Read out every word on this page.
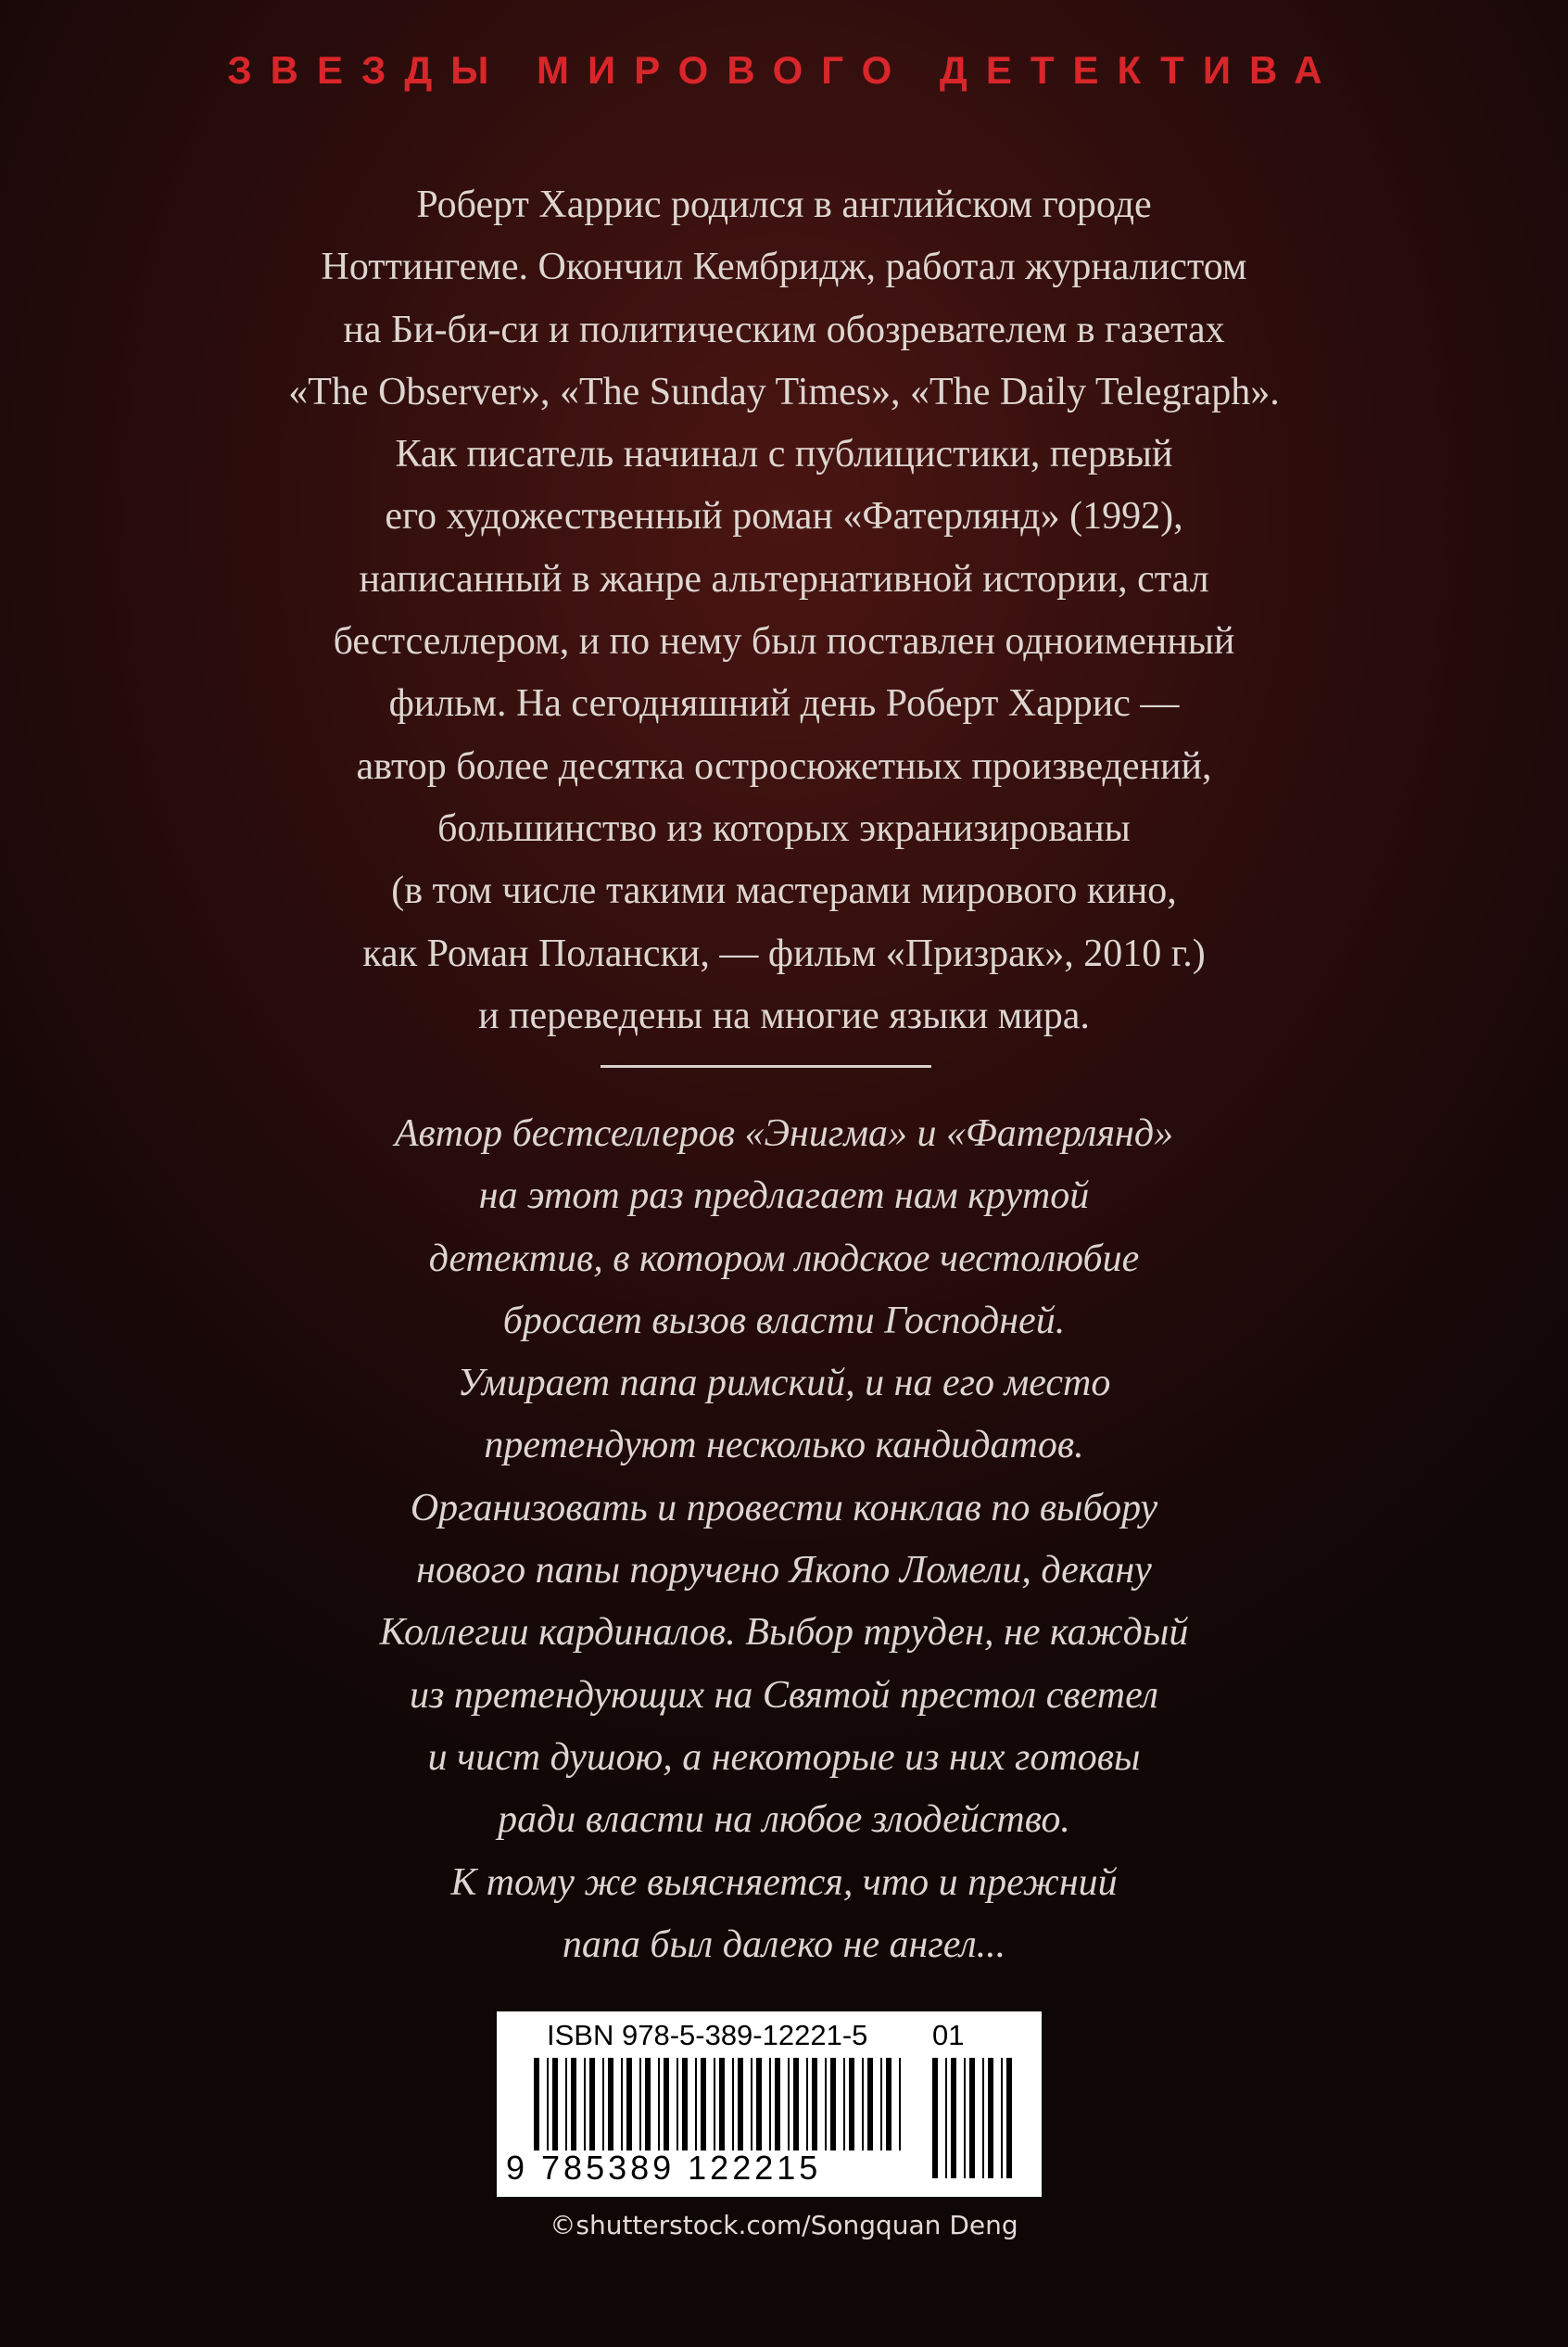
ЗВЕЗДЫ МИРОВОГО ДЕТЕКТИВА
Роберт Харрис родился в английском городе
Ноттингеме. Окончил Кембридж, работал журналистом
на Би-би-си и политическим обозревателем в газетах
«The Observer», «The Sunday Times», «The Daily Telegraph».
Как писатель начинал с публицистики, первый
его художественный роман «Фатерлянд» (1992),
написанный в жанре альтернативной истории, стал
бестселлером, и по нему был поставлен одноименный
фильм. На сегодняшний день Роберт Харрис —
автор более десятка остросюжетных произведений,
большинство из которых экранизированы
(в том числе такими мастерами мирового кино,
как Роман Полански, — фильм «Призрак», 2010 г.)
и переведены на многие языки мира.
Автор бестселлеров «Энигма» и «Фатерлянд»
на этот раз предлагает нам крутой
детектив, в котором людское честолюбие
бросает вызов власти Господней.
Умирает папа римский, и на его место
претендуют несколько кандидатов.
Организовать и провести конклав по выбору
нового папы поручено Якопо Ломели, декану
Коллегии кардиналов. Выбор труден, не каждый
из претендующих на Святой престол светел
и чист душою, а некоторые из них готовы
ради власти на любое злодейство.
К тому же выясняется, что и прежний
папа был далеко не ангел...
ISBN 978-5-389-12221-5 01
9 785389 122215
©shutterstock.com/Songquan Deng
